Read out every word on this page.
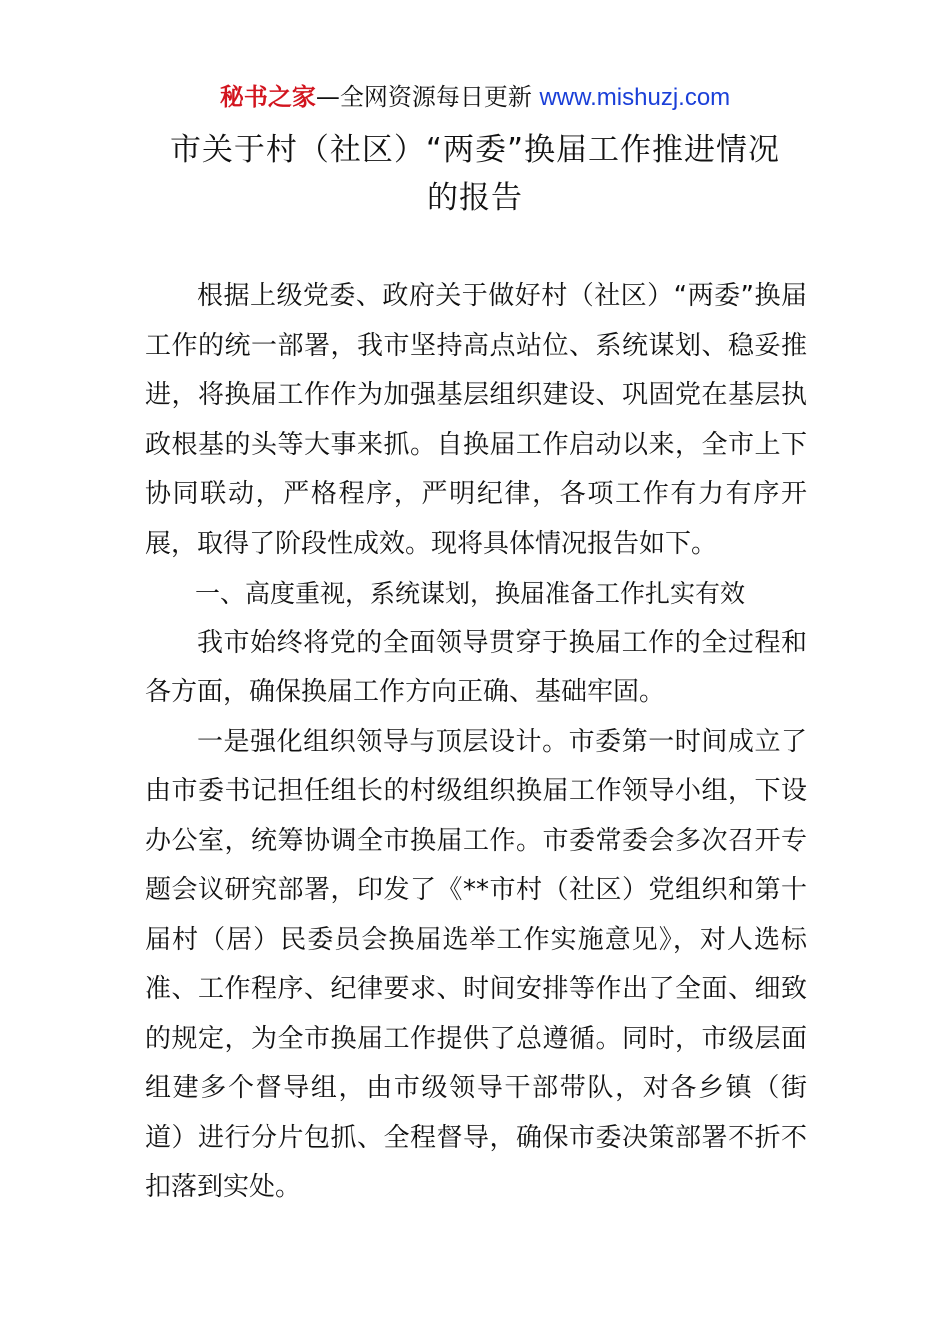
秘书之家—全网资源每日更新 www.mishuzj.com
市关于村（社区）“两委”换届工作推进情况
的报告

根据上级党委、政府关于做好村（社区）“两委”换届工作的统一部署，我市坚持高点站位、系统谋划、稳妥推进，将换届工作作为加强基层组织建设、巩固党在基层执政根基的头等大事来抓。自换届工作启动以来，全市上下协同联动，严格程序，严明纪律，各项工作有力有序开展，取得了阶段性成效。现将具体情况报告如下。

一、高度重视，系统谋划，换届准备工作扎实有效

我市始终将党的全面领导贯穿于换届工作的全过程和各方面，确保换届工作方向正确、基础牢固。

一是强化组织领导与顶层设计。市委第一时间成立了由市委书记担任组长的村级组织换届工作领导小组，下设办公室，统筹协调全市换届工作。市委常委会多次召开专题会议研究部署，印发了《**市村（社区）党组织和第十届村（居）民委员会换届选举工作实施意见》，对人选标准、工作程序、纪律要求、时间安排等作出了全面、细致的规定，为全市换届工作提供了总遵循。同时，市级层面组建多个督导组，由市级领导干部带队，对各乡镇（街道）进行分片包抓、全程督导，确保市委决策部署不折不扣落到实处。
